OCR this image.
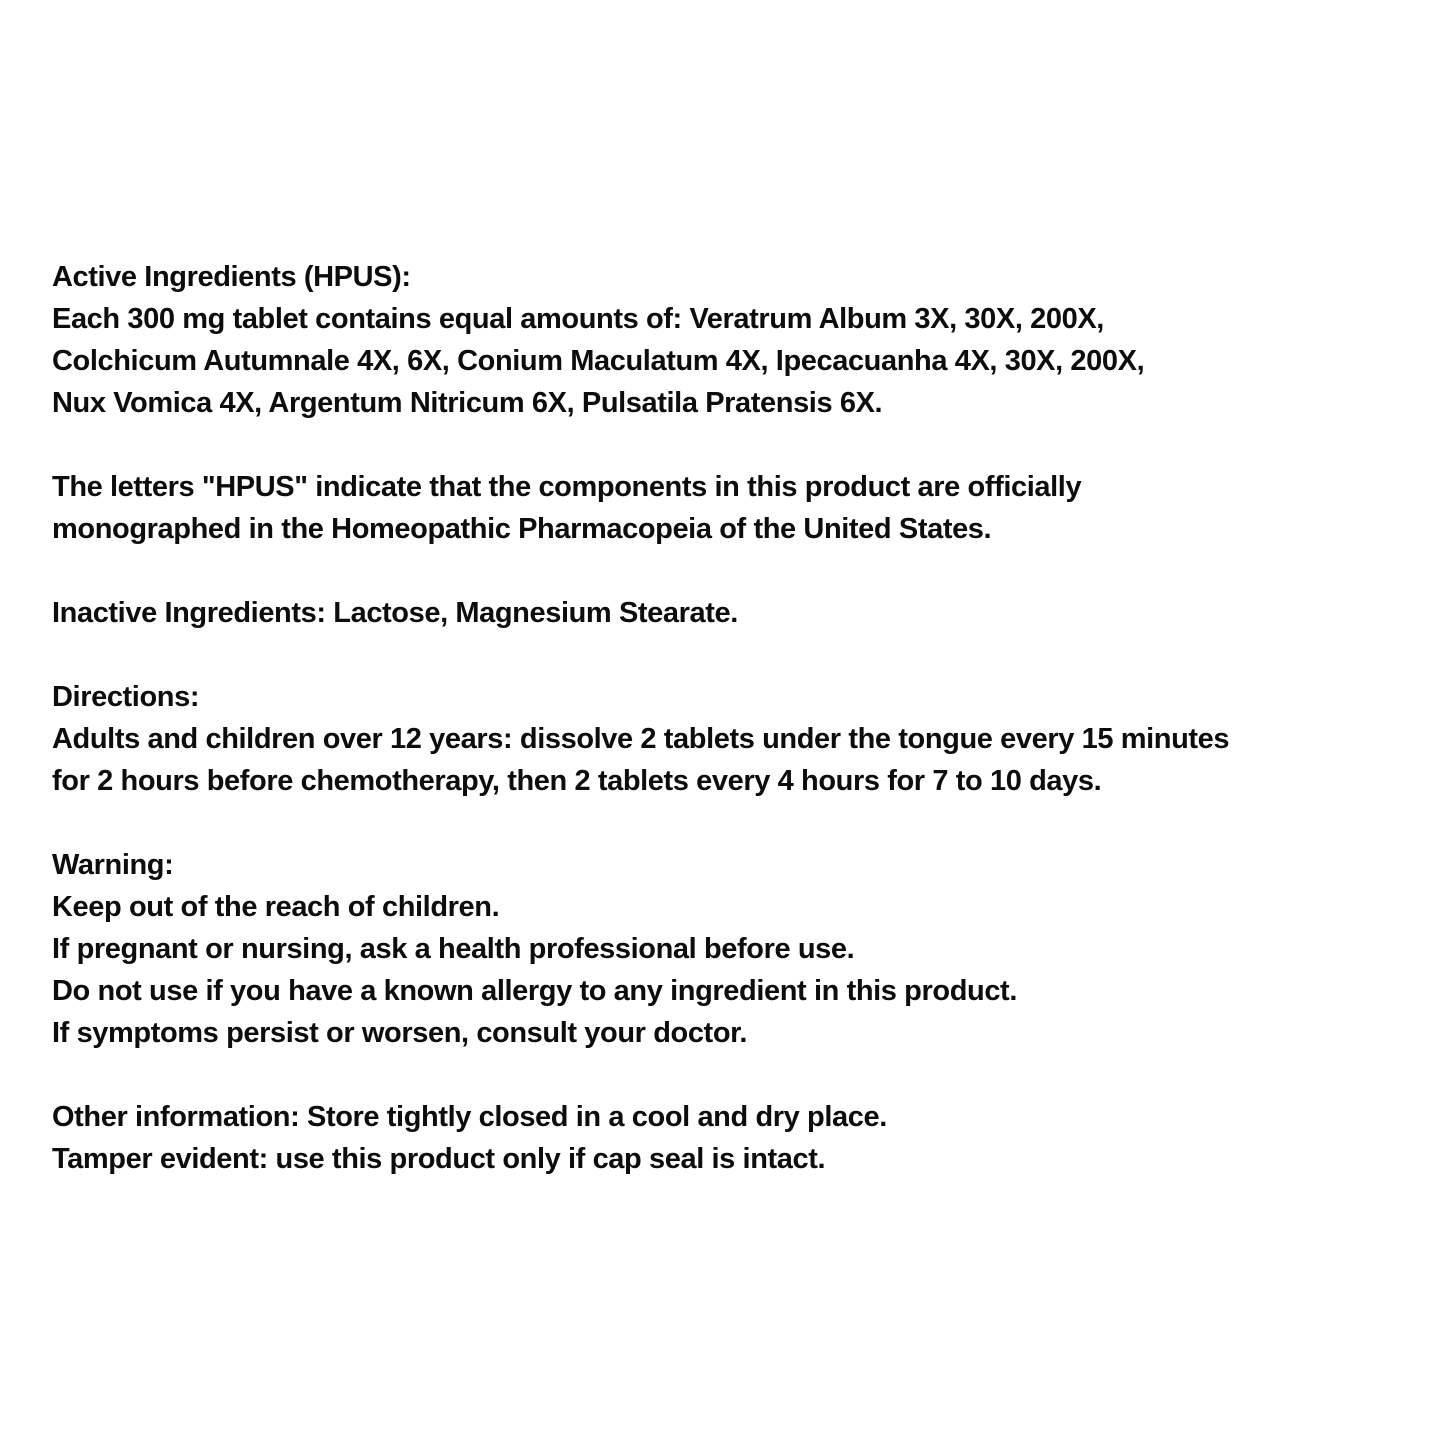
Active Ingredients (HPUS):
Each 300 mg tablet contains equal amounts of: Veratrum Album 3X, 30X, 200X,
Colchicum Autumnale 4X, 6X, Conium Maculatum 4X, Ipecacuanha 4X, 30X, 200X,
Nux Vomica 4X, Argentum Nitricum 6X, Pulsatila Pratensis 6X.
The letters "HPUS" indicate that the components in this product are officially
monographed in the Homeopathic Pharmacopeia of the United States.
Inactive Ingredients: Lactose, Magnesium Stearate.
Directions:
Adults and children over 12 years: dissolve 2 tablets under the tongue every 15 minutes
for 2 hours before chemotherapy, then 2 tablets every 4 hours for 7 to 10 days.
Warning:
Keep out of the reach of children.
If pregnant or nursing, ask a health professional before use.
Do not use if you have a known allergy to any ingredient in this product.
If symptoms persist or worsen, consult your doctor.
Other information: Store tightly closed in a cool and dry place.
Tamper evident: use this product only if cap seal is intact.
